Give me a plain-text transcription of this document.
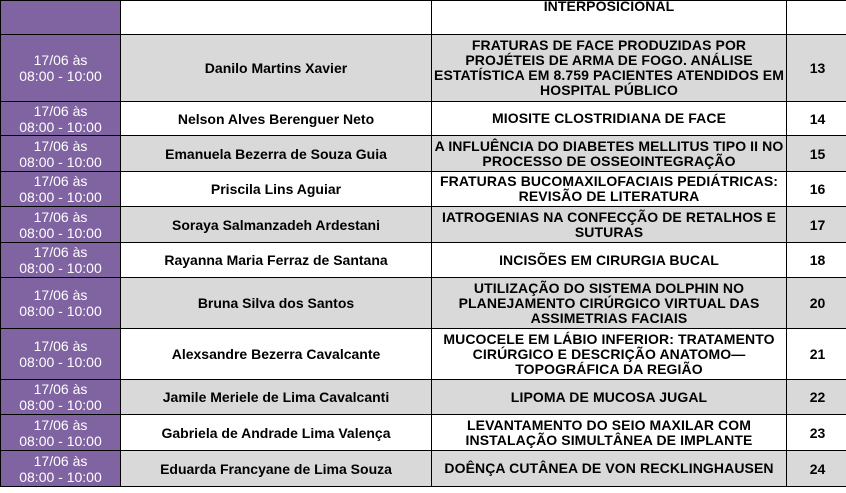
		INTERPOSICIONAL	

17/06 às
08:00 - 10:00	Danilo Martins Xavier	FRATURAS DE FACE PRODUZIDAS POR PROJÉTEIS DE ARMA DE FOGO. ANÁLISE ESTATÍSTICA EM 8.759 PACIENTES ATENDIDOS EM HOSPITAL PÚBLICO	13

17/06 às
08:00 - 10:00	Nelson Alves Berenguer Neto	MIOSITE CLOSTRIDIANA DE FACE	14

17/06 às
08:00 - 10:00	Emanuela Bezerra de Souza Guia	A INFLUÊNCIA DO DIABETES MELLITUS TIPO II NO PROCESSO DE OSSEOINTEGRAÇÃO	15

17/06 às
08:00 - 10:00	Priscila Lins Aguiar	FRATURAS BUCOMAXILOFACIAIS PEDIÁTRICAS: REVISÃO DE LITERATURA	16

17/06 às
08:00 - 10:00	Soraya Salmanzadeh Ardestani	IATROGENIAS NA CONFECÇÃO DE RETALHOS E SUTURAS	17

17/06 às
08:00 - 10:00	Rayanna Maria Ferraz de Santana	INCISÕES EM CIRURGIA BUCAL	18

17/06 às
08:00 - 10:00	Bruna Silva dos Santos	UTILIZAÇÃO DO SISTEMA DOLPHIN NO PLANEJAMENTO CIRÚRGICO VIRTUAL DAS ASSIMETRIAS FACIAIS	20

17/06 às
08:00 - 10:00	Alexsandre Bezerra Cavalcante	MUCOCELE EM LÁBIO INFERIOR: TRATAMENTO CIRÚRGICO E DESCRIÇÃO ANATOMO—TOPOGRÁFICA DA REGIÃO	21

17/06 às
08:00 - 10:00	Jamile Meriele de Lima Cavalcanti	LIPOMA DE MUCOSA JUGAL	22

17/06 às
08:00 - 10:00	Gabriela de Andrade Lima Valença	LEVANTAMENTO DO SEIO MAXILAR COM INSTALAÇÃO SIMULTÂNEA DE IMPLANTE	23

17/06 às
08:00 - 10:00	Eduarda Francyane de Lima Souza	DOÊNÇA CUTÂNEA DE VON RECKLINGHAUSEN	24
